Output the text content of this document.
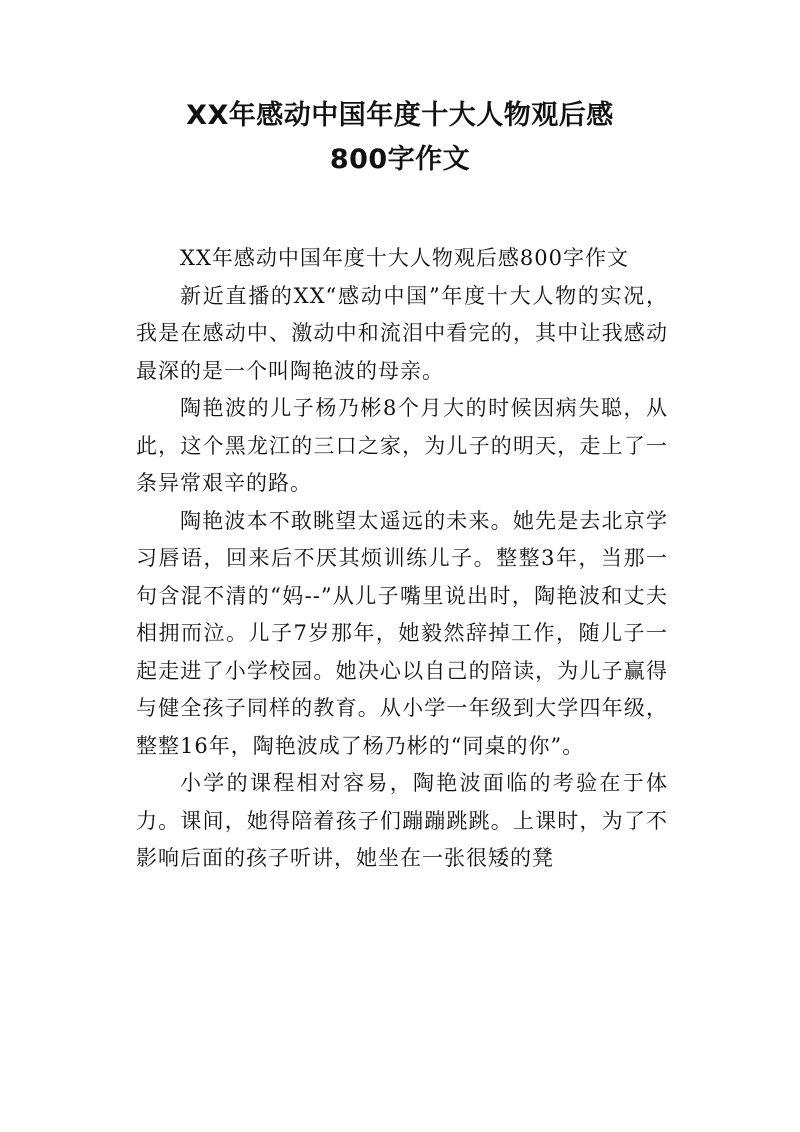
XX年感动中国年度十大人物观后感
800字作文

XX年感动中国年度十大人物观后感800字作文

新近直播的XX“感动中国”年度十大人物的实况，我是在感动中、激动中和流泪中看完的，其中让我感动最深的是一个叫陶艳波的母亲。

陶艳波的儿子杨乃彬8个月大的时候因病失聪，从此，这个黑龙江的三口之家，为儿子的明天，走上了一条异常艰辛的路。

陶艳波本不敢眺望太遥远的未来。她先是去北京学习唇语，回来后不厌其烦训练儿子。整整3年，当那一句含混不清的“妈--”从儿子嘴里说出时，陶艳波和丈夫相拥而泣。儿子7岁那年，她毅然辞掉工作，随儿子一起走进了小学校园。她决心以自己的陪读，为儿子赢得与健全孩子同样的教育。从小学一年级到大学四年级，整整16年，陶艳波成了杨乃彬的“同桌的你”。

小学的课程相对容易，陶艳波面临的考验在于体力。课间，她得陪着孩子们蹦蹦跳跳。上课时，为了不影响后面的孩子听讲，她坐在一张很矮的凳
